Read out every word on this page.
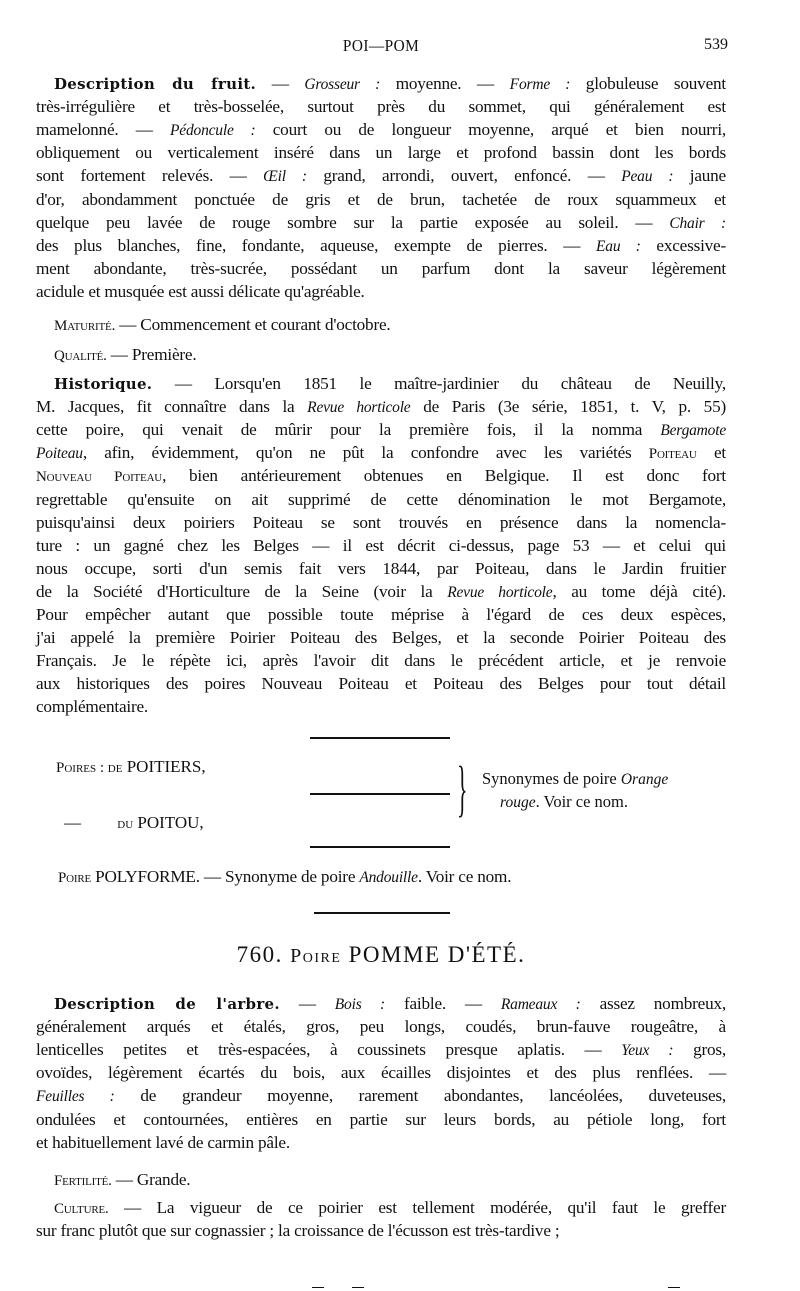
POI—POM	539
Description du fruit. — Grosseur : moyenne. — Forme : globuleuse souvent
très-irrégulière et très-bosselée, surtout près du sommet, qui généralement est
mamelonné. — Pédoncule : court ou de longueur moyenne, arqué et bien nourri,
obliquement ou verticalement inséré dans un large et profond bassin dont les bords
sont fortement relevés. — Œil : grand, arrondi, ouvert, enfoncé. — Peau : jaune
d'or, abondamment ponctuée de gris et de brun, tachetée de roux squammeux et
quelque peu lavée de rouge sombre sur la partie exposée au soleil. — Chair :
des plus blanches, fine, fondante, aqueuse, exempte de pierres. — Eau : excessive-
ment abondante, très-sucrée, possédant un parfum dont la saveur légèrement
acidule et musquée est aussi délicate qu'agréable.
Maturité. — Commencement et courant d'octobre.
Qualité. — Première.
Historique. — Lorsqu'en 1851 le maître-jardinier du château de Neuilly,
M. Jacques, fit connaître dans la Revue horticole de Paris (3e série, 1851, t. V, p. 55)
cette poire, qui venait de mûrir pour la première fois, il la nomma Bergamote
Poiteau, afin, évidemment, qu'on ne pût la confondre avec les variétés Poiteau et
Nouveau Poiteau, bien antérieurement obtenues en Belgique. Il est donc fort
regrettable qu'ensuite on ait supprimé de cette dénomination le mot Bergamote,
puisqu'ainsi deux poiriers Poiteau se sont trouvés en présence dans la nomencla-
ture : un gagné chez les Belges — il est décrit ci-dessus, page 53 — et celui qui
nous occupe, sorti d'un semis fait vers 1844, par Poiteau, dans le Jardin fruitier
de la Société d'Horticulture de la Seine (voir la Revue horticole, au tome déjà cité).
Pour empêcher autant que possible toute méprise à l'égard de ces deux espèces,
j'ai appelé la première Poirier Poiteau des Belges, et la seconde Poirier Poiteau des
Français. Je le répète ici, après l'avoir dit dans le précédent article, et je renvoie
aux historiques des poires Nouveau Poiteau et Poiteau des Belges pour tout détail
complémentaire.
Poires : de POITIERS,
— du POITOU,	} Synonymes de poire Orange
rouge. Voir ce nom.
Poire POLYFORME. — Synonyme de poire Andouille. Voir ce nom.
760. Poire POMME D'ÉTÉ.
Description de l'arbre. — Bois : faible. — Rameaux : assez nombreux,
généralement arqués et étalés, gros, peu longs, coudés, brun-fauve rougeâtre, à
lenticelles petites et très-espacées, à coussinets presque aplatis. — Yeux : gros,
ovoïdes, légèrement écartés du bois, aux écailles disjointes et des plus renflées. —
Feuilles : de grandeur moyenne, rarement abondantes, lancéolées, duveteuses,
ondulées et contournées, entières en partie sur leurs bords, au pétiole long, fort
et habituellement lavé de carmin pâle.
Fertilité. — Grande.
Culture. — La vigueur de ce poirier est tellement modérée, qu'il faut le greffer
sur franc plutôt que sur cognassier ; la croissance de l'écusson est très-tardive ;
